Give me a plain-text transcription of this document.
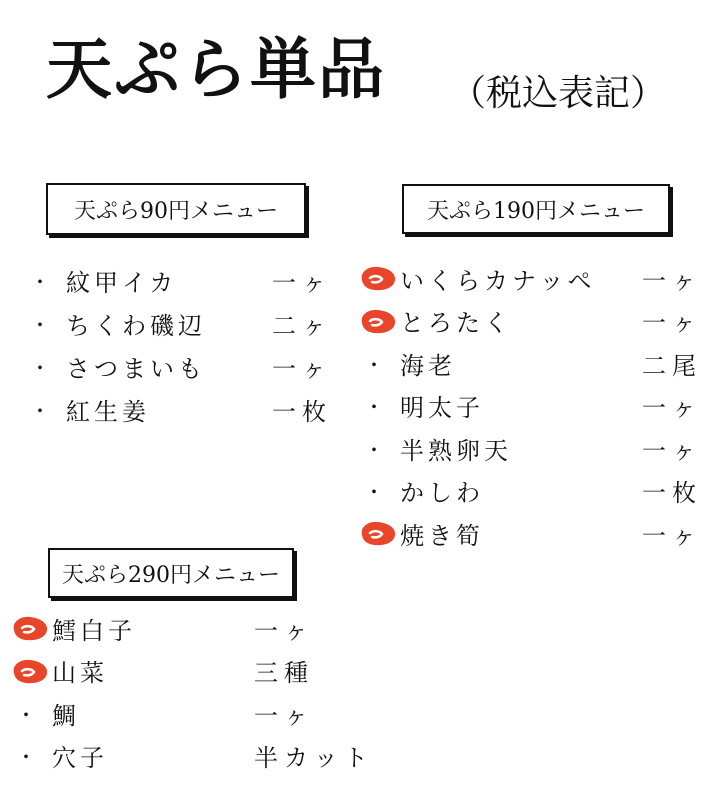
天ぷら単品 （税込表記）
天ぷら90円メニュー	天ぷら190円メニュー
天ぷら290円メニュー
・ 紋甲イカ	一ヶ
・ ちくわ磯辺	二ヶ
・ さつまいも	一ヶ
・ 紅生姜	一枚
いくらカナッペ 一ヶ
とろたく	一ヶ
・ 海老	二尾
・ 明太子	一ヶ
・ 半熟卵天	一ヶ
・ かしわ	一枚
焼き筍	一ヶ
鱈白子	一ヶ
山菜	三種
・ 鯛	一ヶ
・ 穴子	半カット
